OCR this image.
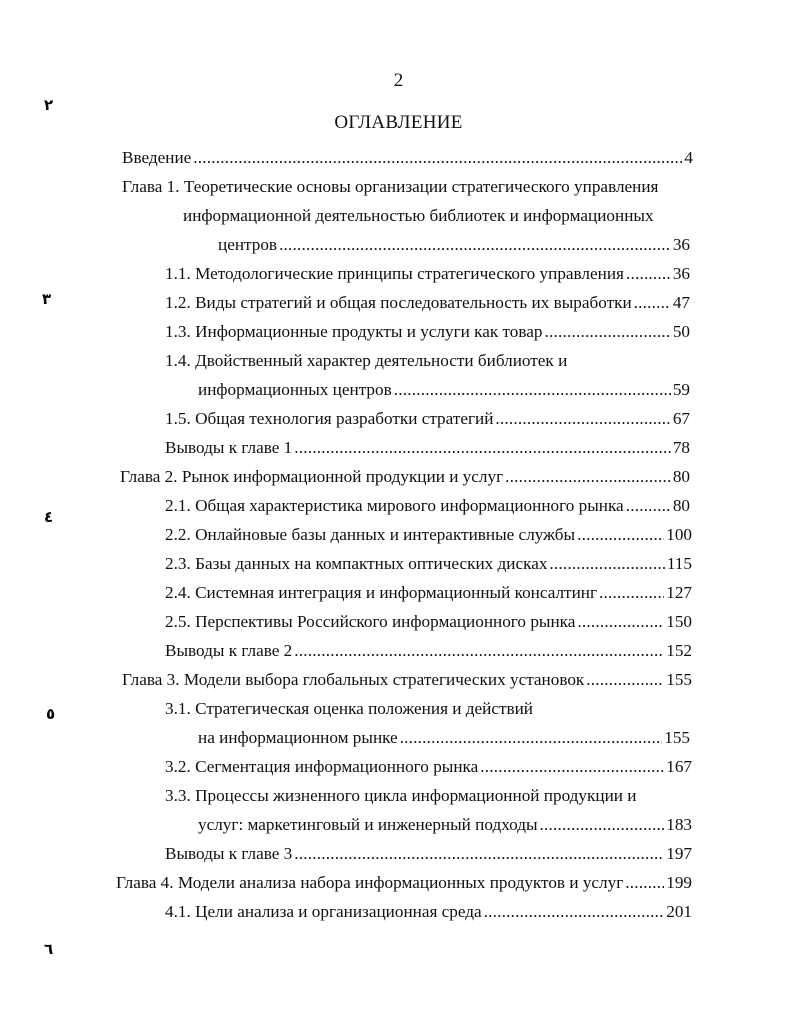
2
ОГЛАВЛЕНИЕ
٢
٣
٤
٥
٦
Введение .....	4
Глава 1. Теоретические основы организации стратегического управления
информационной деятельностью библиотек и информационных
центров .....	36
1.1. Методологические принципы стратегического управления .....	36
1.2. Виды стратегий и общая последовательность их выработки ..... 47
1.3. Информационные продукты и услуги как товар .....	50
1.4. Двойственный характер деятельности библиотек и
информационных центров .....	59
1.5. Общая технология разработки стратегий .....	67
Выводы к главе 1 .....	78
Глава 2. Рынок информационной продукции и услуг .....	80
2.1. Общая характеристика мирового информационного рынка .....	80
2.2. Онлайновые базы данных и интерактивные службы .....	100
2.3. Базы данных на компактных оптических дисках .....	115
2.4. Системная интеграция и информационный консалтинг .....	127
2.5. Перспективы Российского информационного рынка .....	150
Выводы к главе 2 .....	152
Глава 3. Модели выбора глобальных стратегических установок .....	155
3.1. Стратегическая оценка положения и действий
на информационном рынке .....	155
3.2. Сегментация информационного рынка .....	167
3.3. Процессы жизненного цикла информационной продукции и
услуг: маркетинговый и инженерный подходы .....	183
Выводы к главе 3 .....	197
Глава 4. Модели анализа набора информационных продуктов и услуг ..... 199
4.1. Цели анализа и организационная среда .....	201
